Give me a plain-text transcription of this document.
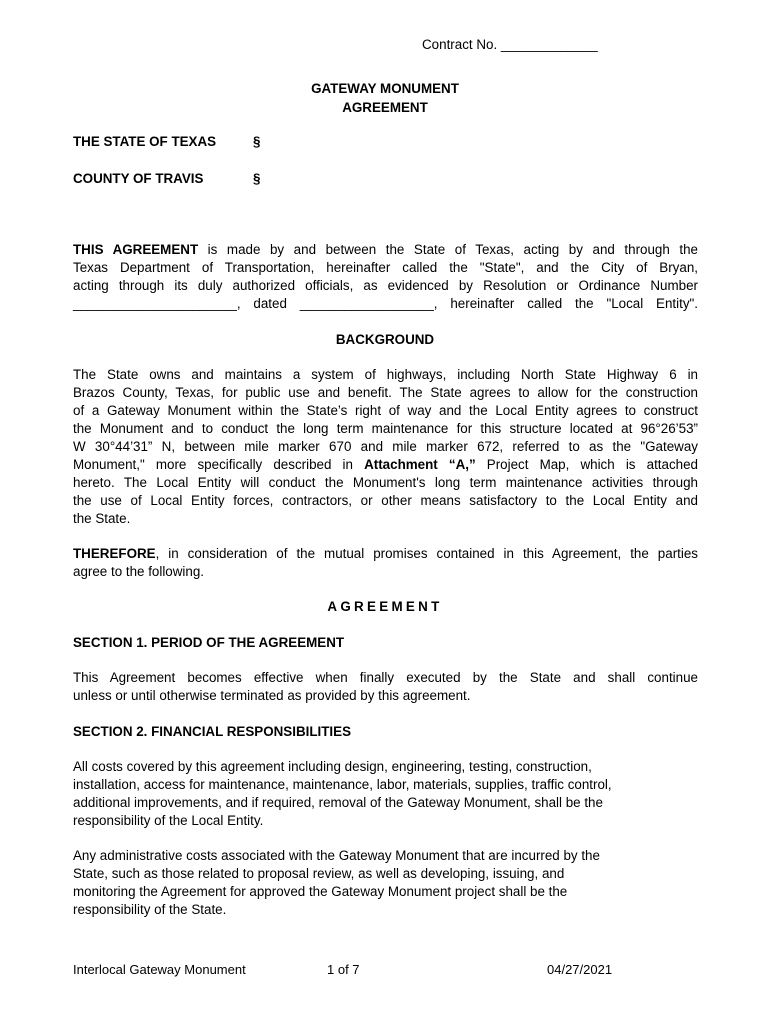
Contract No. _____________
GATEWAY MONUMENT
AGREEMENT
THE STATE OF TEXAS	§
COUNTY OF TRAVIS	§
THIS AGREEMENT is made by and between the State of Texas, acting by and through the
Texas Department of Transportation, hereinafter called the "State", and the City of Bryan,
acting through its duly authorized officials, as evidenced by Resolution or Ordinance Number
______________________, dated __________________, hereinafter called the "Local Entity".
BACKGROUND
The State owns and maintains a system of highways, including North State Highway 6 in
Brazos County, Texas, for public use and benefit. The State agrees to allow for the construction
of a Gateway Monument within the State’s right of way and the Local Entity agrees to construct
the Monument and to conduct the long term maintenance for this structure located at 96°26’53”
W 30°44’31” N, between mile marker 670 and mile marker 672, referred to as the "Gateway
Monument," more specifically described in Attachment “A,” Project Map, which is attached
hereto. The Local Entity will conduct the Monument's long term maintenance activities through
the use of Local Entity forces, contractors, or other means satisfactory to the Local Entity and
the State.
THEREFORE, in consideration of the mutual promises contained in this Agreement, the parties
agree to the following.
AGREEMENT
SECTION 1. PERIOD OF THE AGREEMENT
This Agreement becomes effective when finally executed by the State and shall continue
unless or until otherwise terminated as provided by this agreement.
SECTION 2. FINANCIAL RESPONSIBILITIES
All costs covered by this agreement including design, engineering, testing, construction,
installation, access for maintenance, maintenance, labor, materials, supplies, traffic control,
additional improvements, and if required, removal of the Gateway Monument, shall be the
responsibility of the Local Entity.
Any administrative costs associated with the Gateway Monument that are incurred by the
State, such as those related to proposal review, as well as developing, issuing, and
monitoring the Agreement for approved the Gateway Monument project shall be the
responsibility of the State.
Interlocal Gateway Monument	1 of 7	04/27/2021
